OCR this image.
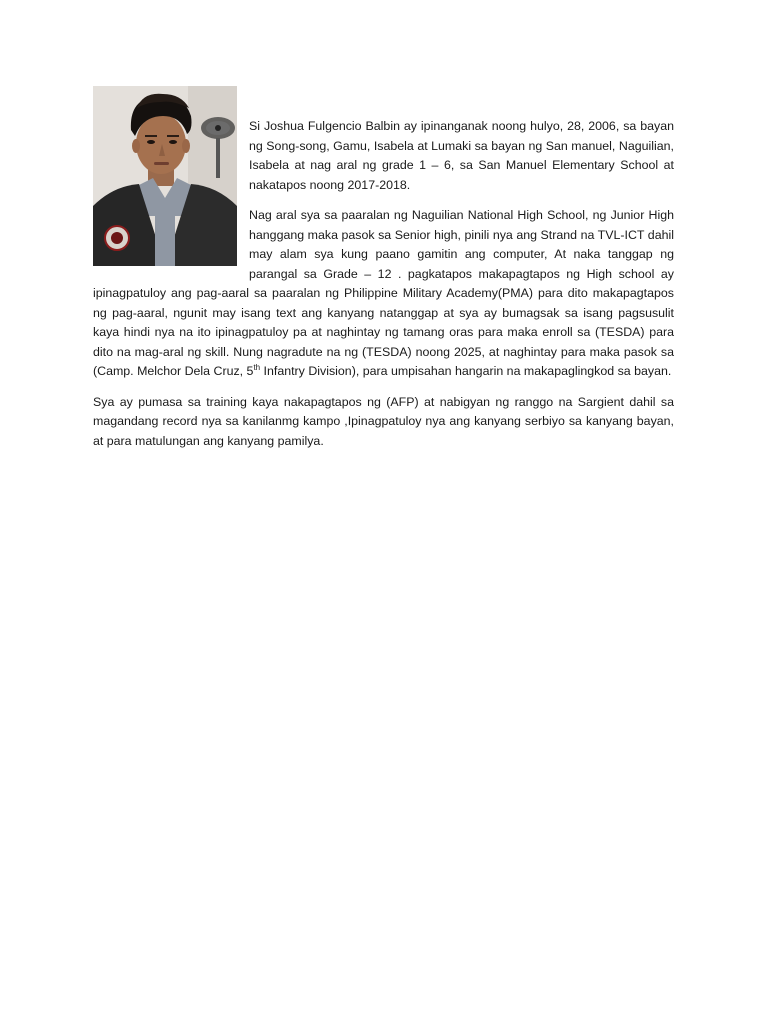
Si Joshua Fulgencio Balbin ay ipinanganak noong hulyo, 28, 2006, sa bayan ng Song-song, Gamu, Isabela at Lumaki sa bayan ng San manuel, Naguilian, Isabela at nag aral ng grade 1 – 6, sa San Manuel Elementary School at nakatapos noong 2017-2018.

Nag aral sya sa paaralan ng Naguilian National High School, ng Junior High hanggang maka pasok sa Senior high, pinili nya ang Strand na TVL-ICT dahil may alam sya kung paano gamitin ang computer, At naka tanggap ng parangal sa Grade – 12 . pagkatapos makapagtapos ng High school ay ipinagpatuloy ang pag-aaral sa paaralan ng Philippine Military Academy(PMA) para dito makapagtapos ng pag-aaral, ngunit may isang text ang kanyang natanggap at sya ay bumagsak sa isang pagsusulit kaya hindi nya na ito ipinagpatuloy pa at naghintay ng tamang oras para maka enroll sa (TESDA) para dito na mag-aral ng skill. Nung nagradute na ng (TESDA) noong 2025, at naghintay para maka pasok sa (Camp. Melchor Dela Cruz, 5th Infantry Division), para umpisahan hangarin na makapaglingkod sa bayan.

Sya ay pumasa sa training kaya nakapagtapos ng (AFP) at nabigyan ng ranggo na Sargient dahil sa magandang record nya sa kanilanmg kampo ,Ipinagpatuloy nya ang kanyang serbiyo sa kanyang bayan, at para matulungan ang kanyang pamilya.
